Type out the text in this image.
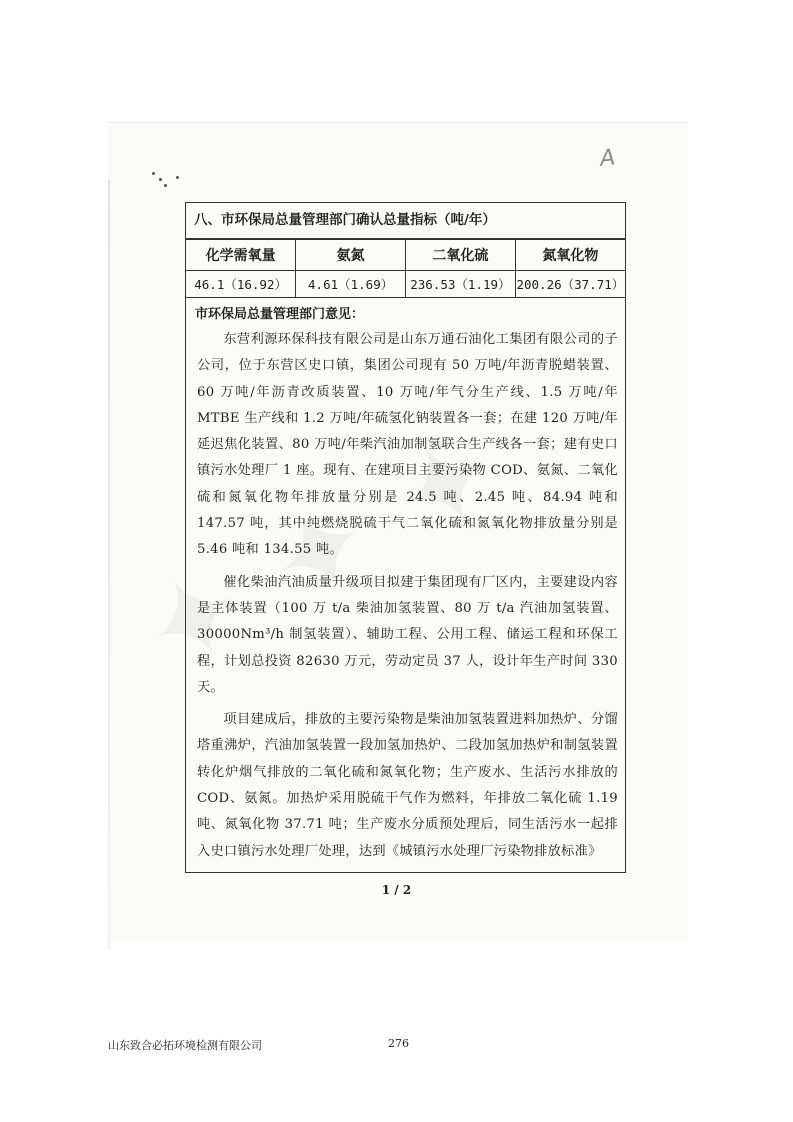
A
八、市环保局总量管理部门确认总量指标（吨/年）
化学需氧量	氨氮	二氧化硫	氮氧化物
46.1（16.92）	4.61（1.69）	236.53（1.19）	200.26（37.71）
市环保局总量管理部门意见：

东营利源环保科技有限公司是山东万通石油化工集团有限公司的子公司，位于东营区史口镇，集团公司现有 50 万吨/年沥青脱蜡装置、60 万吨/年沥青改质装置、10 万吨/年气分生产线、1.5 万吨/年 MTBE 生产线和 1.2 万吨/年硫氢化钠装置各一套；在建 120 万吨/年延迟焦化装置、80 万吨/年柴汽油加制氢联合生产线各一套；建有史口镇污水处理厂 1 座。现有、在建项目主要污染物 COD、氨氮、二氧化硫和氮氧化物年排放量分别是 24.5 吨、2.45 吨、84.94 吨和 147.57 吨，其中纯燃烧脱硫干气二氧化硫和氮氧化物排放量分别是 5.46 吨和 134.55 吨。

催化柴油汽油质量升级项目拟建于集团现有厂区内，主要建设内容是主体装置（100 万 t/a 柴油加氢装置、80 万 t/a 汽油加氢装置、30000Nm³/h 制氢装置）、辅助工程、公用工程、储运工程和环保工程，计划总投资 82630 万元，劳动定员 37 人，设计年生产时间 330 天。

项目建成后，排放的主要污染物是柴油加氢装置进料加热炉、分馏塔重沸炉，汽油加氢装置一段加氢加热炉、二段加氢加热炉和制氢装置转化炉烟气排放的二氧化硫和氮氧化物；生产废水、生活污水排放的 COD、氨氮。加热炉采用脱硫干气作为燃料，年排放二氧化硫 1.19 吨、氮氧化物 37.71 吨；生产废水分质预处理后，同生活污水一起排入史口镇污水处理厂处理，达到《城镇污水处理厂污染物排放标准》

1 / 2
山东致合必拓环境检测有限公司	276
